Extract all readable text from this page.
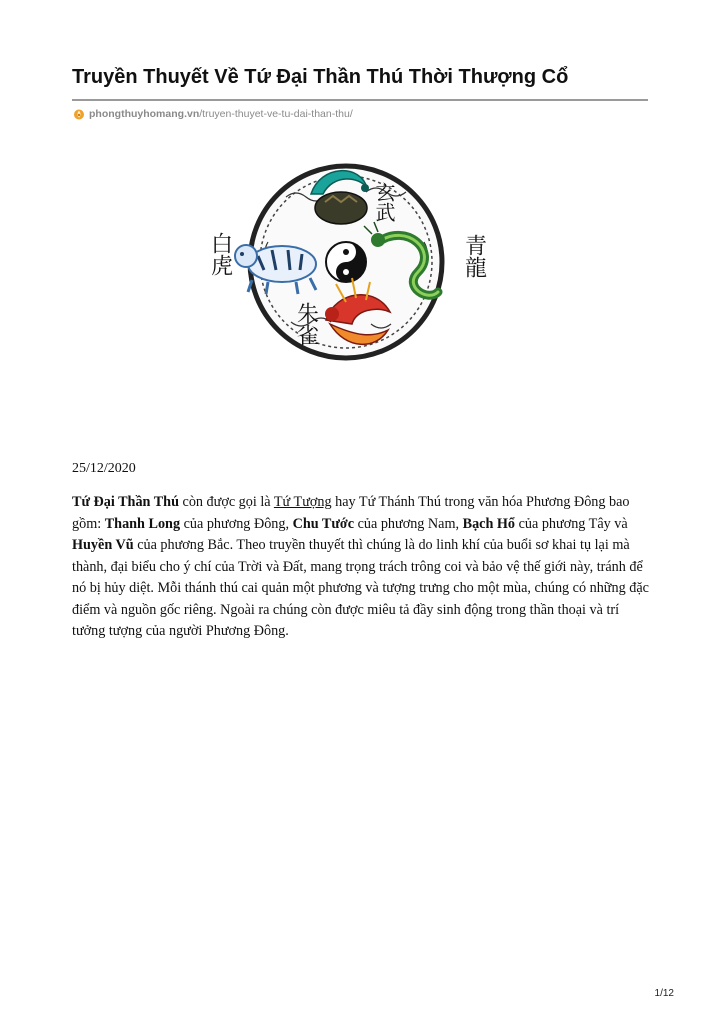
Truyền Thuyết Về Tứ Đại Thần Thú Thời Thượng Cổ
phongthuyhomang.vn /truyen-thuyet-ve-tu-dai-than-thu/
玄武
青龍
白虎
朱雀
25/12/2020
Tứ Đại Thần Thú còn được gọi là Tứ Tượng hay Tứ Thánh Thú trong văn hóa Phương Đông bao gồm: Thanh Long của phương Đông, Chu Tước của phương Nam, Bạch Hổ của phương Tây và Huyền Vũ của phương Bắc. Theo truyền thuyết thì chúng là do linh khí của buổi sơ khai tụ lại mà thành, đại biểu cho ý chí của Trời và Đất, mang trọng trách trông coi và bảo vệ thế giới này, tránh để nó bị hủy diệt. Mỗi thánh thú cai quản một phương và tượng trưng cho một mùa, chúng có những đặc điểm và nguồn gốc riêng. Ngoài ra chúng còn được miêu tả đầy sinh động trong thần thoại và trí tưởng tượng của người Phương Đông.
1/12
